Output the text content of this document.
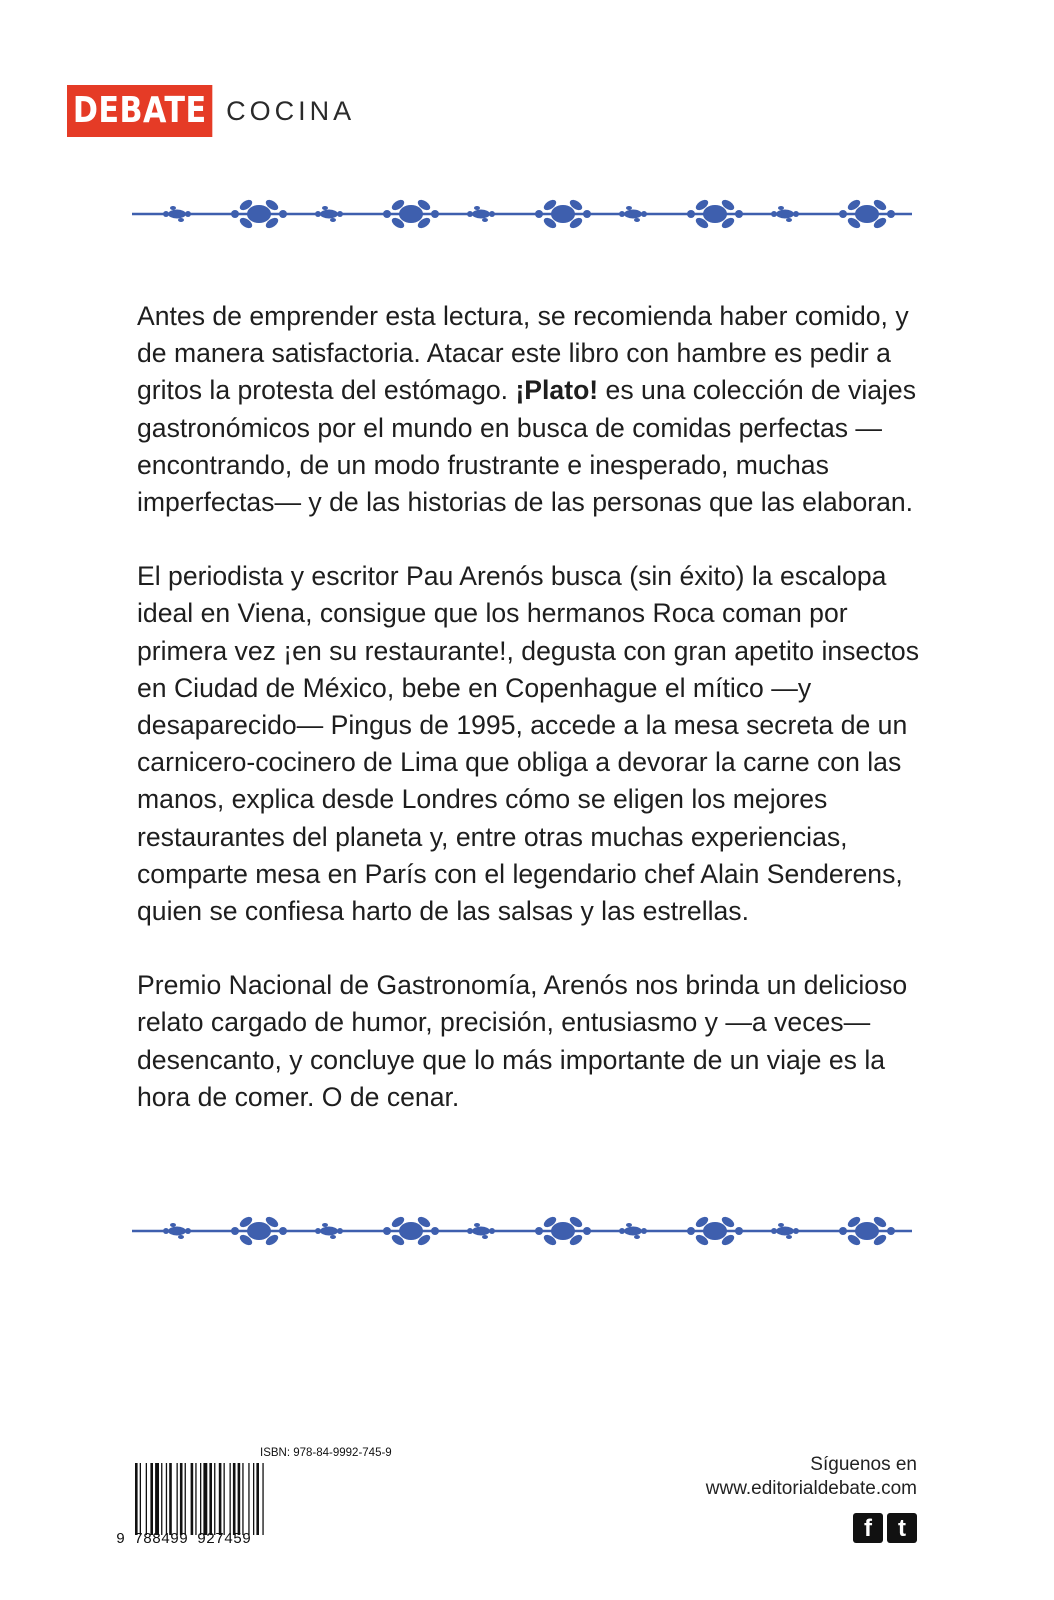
DEBATE COCINA

Antes de emprender esta lectura, se recomienda haber comido, y de manera satisfactoria. Atacar este libro con hambre es pedir a gritos la protesta del estómago. ¡Plato! es una colección de viajes gastronómicos por el mundo en busca de comidas perfectas —encontrando, de un modo frustrante e inesperado, muchas imperfectas— y de las historias de las personas que las elaboran.

El periodista y escritor Pau Arenós busca (sin éxito) la escalopa ideal en Viena, consigue que los hermanos Roca coman por primera vez ¡en su restaurante!, degusta con gran apetito insectos en Ciudad de México, bebe en Copenhague el mítico —y desaparecido— Pingus de 1995, accede a la mesa secreta de un carnicero-cocinero de Lima que obliga a devorar la carne con las manos, explica desde Londres cómo se eligen los mejores restaurantes del planeta y, entre otras muchas experiencias, comparte mesa en París con el legendario chef Alain Senderens, quien se confiesa harto de las salsas y las estrellas.

Premio Nacional de Gastronomía, Arenós nos brinda un delicioso relato cargado de humor, precisión, entusiasmo y —a veces— desencanto, y concluye que lo más importante de un viaje es la hora de comer. O de cenar.

ISBN: 978-84-9992-745-9
9 788499 927459
Síguenos en
www.editorialdebate.com
f	t
